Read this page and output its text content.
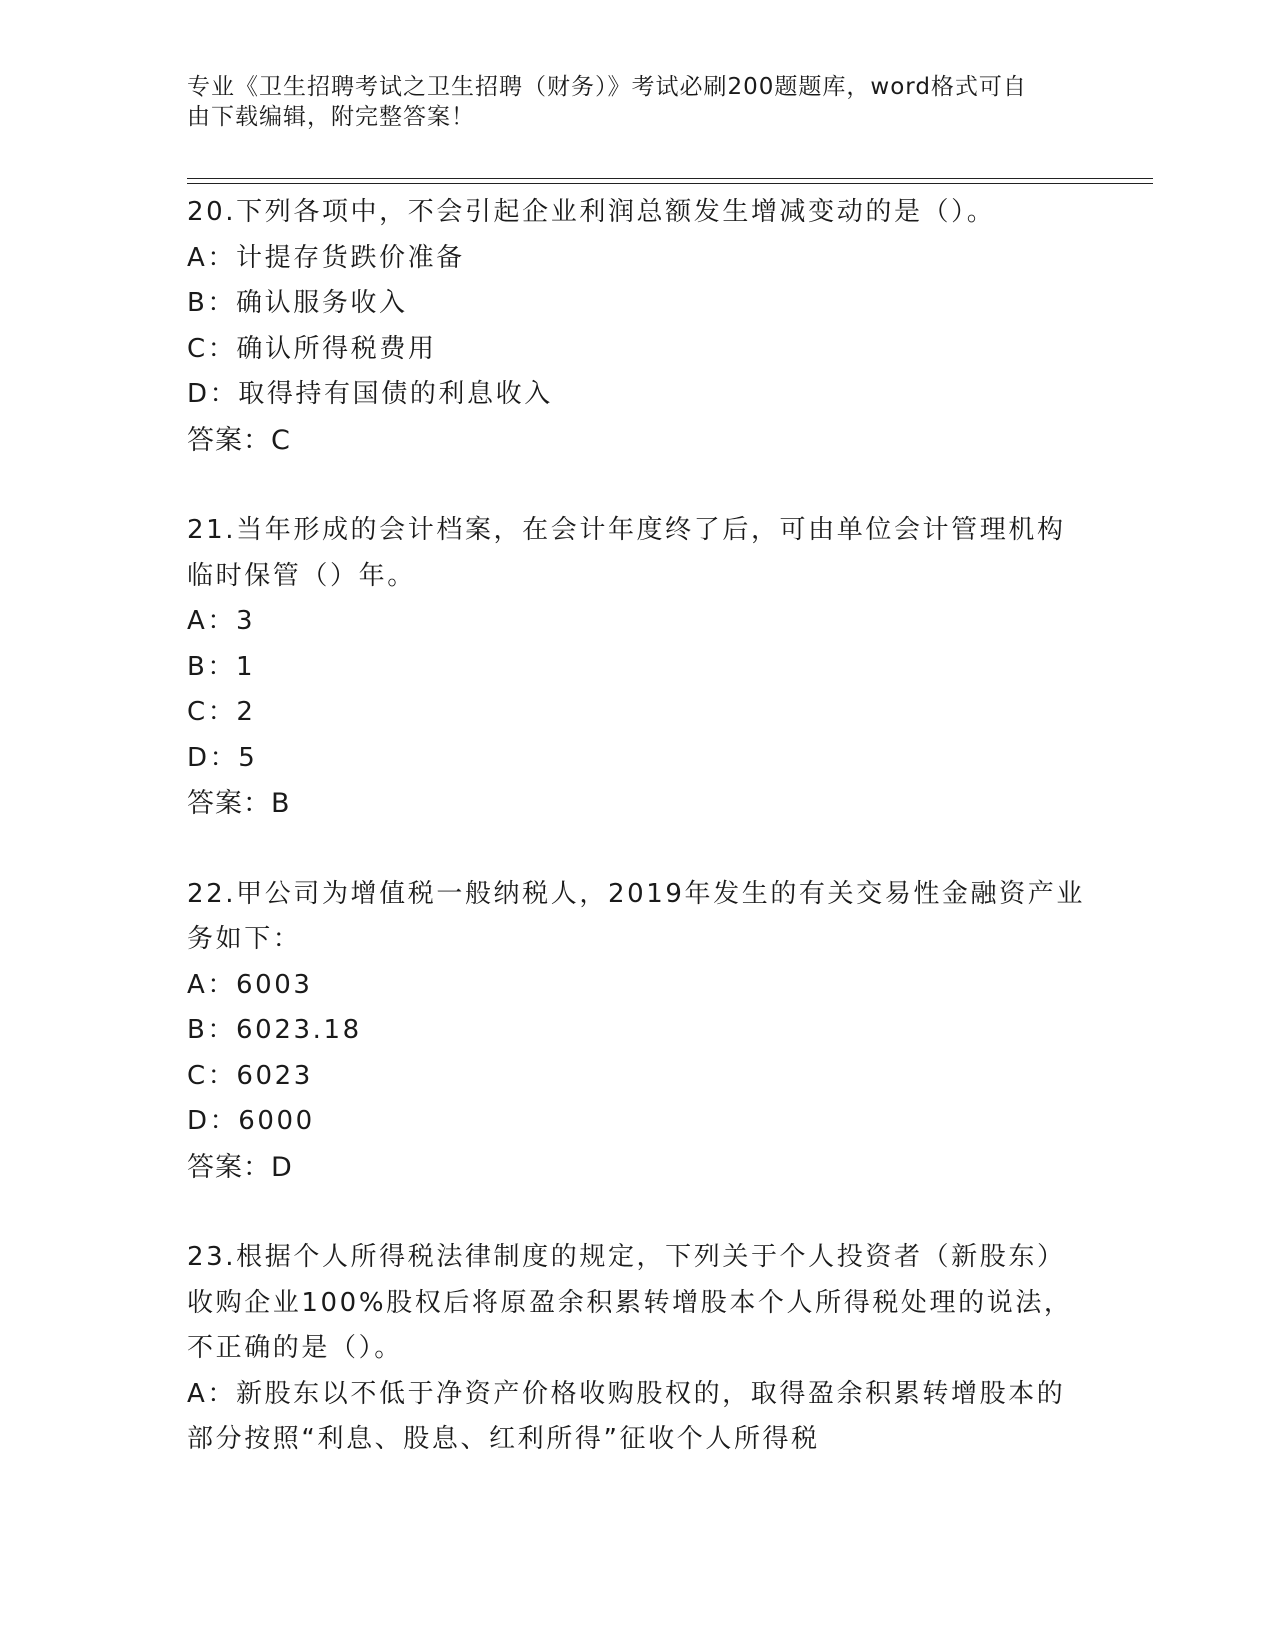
专业《卫生招聘考试之卫生招聘（财务）》考试必刷200题题库，word格式可自
由下载编辑，附完整答案！
20.下列各项中，不会引起企业利润总额发生增减变动的是（）。
A：计提存货跌价准备
B：确认服务收入
C：确认所得税费用
D：取得持有国债的利息收入
答案：C
21.当年形成的会计档案，在会计年度终了后，可由单位会计管理机构
临时保管（）年。
A：3
B：1
C：2
D：5
答案：B
22.甲公司为增值税一般纳税人，2019年发生的有关交易性金融资产业
务如下：
A：6003
B：6023.18
C：6023
D：6000
答案：D
23.根据个人所得税法律制度的规定，下列关于个人投资者（新股东）
收购企业100%股权后将原盈余积累转增股本个人所得税处理的说法，
不正确的是（）。
A：新股东以不低于净资产价格收购股权的，取得盈余积累转增股本的
部分按照“利息、股息、红利所得”征收个人所得税
